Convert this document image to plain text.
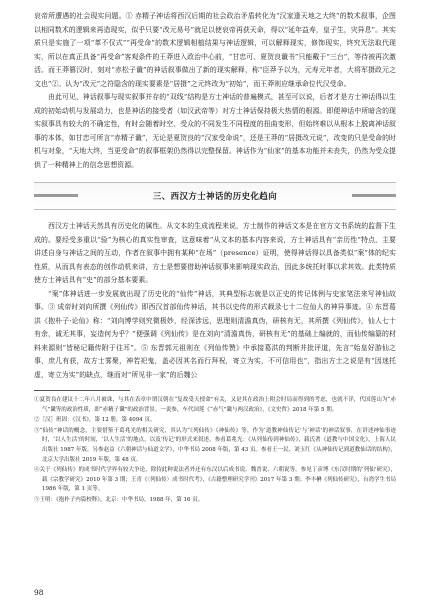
哀帝所遭遇的社会现实问题。① 赤精子神话将西汉后期的社会政治矛盾转化为“汉家逢天地之大终”的数术叙事，企图以相同数术的逻辑来再造现实，似乎只要“改元易号”就足以使哀帝再获天命，得以“延年益寿，皇子生，灾异息”。其实质只是实施了一项“革不仅式”“再受命”的数术逻辑相植结果与神话逻辑，可以解释现实，修饰现实，终究无法取代现实，所以在真正具备“再受命”客观条件的王莽进入政治中心前，“甘忠可、夏贺良谶书”只能戴于“三台”，等待被再次激活。而王莽篡汉时，刻对“赤松子谶”的神话叙事做出了新的现实解释，称“臣莽予以为，元寿元年者，大将军摄政元之文也”②。认为“改元”之符隐含的现实要素是“居摄”之元终改为“初始”，而王莽则应继承命位代汉受命。

由此可见，神话叙事与现实叙事并存的“双线”结构是方士神话的普遍模式，甚至可以说，后者才是方士神话得以生成的初始动机与发展动力，也是神话的接受者（如汉武帝等）对方士神话保持极大热情的根源。即便神话中所暗含的现实叙事具有较大的不确定性，有时会随着时空、受众的不同发生不同程度的扭曲变形，但始终难以从根本上脱离神话叙事的本体，如甘忠可所言“赤精子谶”，无论是夏贺良的“汉家受命说”，还是王莽的“居摄改元说”，改变的只是受命的时机与对象，“天地大终，当更受命”的叙事框架仍然得以完整保留。神话作为“仙家”的基本功能并未丧失，仍然为受众提供了一种精神上的信念思想资源。

三、西汉方士神话的历史化趋向

西汉方士神话天然具有历史化的属性。从文本的生成流程来说，方士制作的神话文本是在官方文书系统的监督下生成的。要经受多重以“验”为核心的真实性审查，这意味着“从文本的基本内容来说，方士神话具有“亲历性”特点，主要讲述自身与神话之间的互动，作者在叙事中拥有某种“在场”（presence）证明，使得神话得以具备类似“案”体的纪实性质，从而具有表态的创作动机来讲，方士是想要借助神话叙事来影响现实政治，因此多统托时事以求其效。此类特质使方士神话具有“史”的部分基本要素。

“案”体神话进一步发展就出现了历史化的“仙传”神话，其典型标志就是以正史的传记体例与史家笔法来写神仙故事。③ 成帝时刘向所撰《列仙传》即西汉首部仙传神话，其书以史传的形式载录七十二位仙人的神异事迹。④ 东晋葛洪《抱朴子·论仙》称：“刘向博学则究微极妙，经深涉远，思理则清澹真伪，研核有无，其所撰《列仙传》，仙人七十有余，诚无其事，妄造何为乎？”便强调《列仙传》是在刘向“清澹真伪，研核有无”的基础上编就的，而仙传编纂的材料来源则“皆秘记籍传附于往耳”。⑤ 东晋郭元祖则在《列仙传赞》中承接葛洪的判断并批评道，先言“始皇好游仙之事，庶几有获，故方士雾聚，神若祀鬼，盖必因其名而行拜祝，寄立为实，不可信用也”，指出方士之说是有“因迷托虚，寄立为实”的缺点，继而对“所见非一家”的后魏公

①夏贺良在建议十二年八月被诛，与其在表章中谓汉朝在“复故受天授命”有关，又是其在政治上附会时局而得到的考虑，也就不详，代国莲山为“赤气”谶等的政治性质，即“赤精子谶”的政治背景。一说参，车代国莲《“赤气”谶与两汉政治》，《文史哲》2018 年第 5 期。

②［汉］班固：《汉书》，第 12 册，第 4094 页。

③“仙传”神话的概念，主要借鉴于葛兆光的相关研究，其认为“《列仙传》《神仙传》等，作为‘道教神仙传记’与‘神话’的神话叙事，在讲述神仙事迹时，‘以人生活’的时间，‘以人生活’的地点，以及‘传记’的形式来叙述。参看葛兆光：《从列仙传到神仙传》，载氏著《道教与中国文化》，上海人民出版社 1987 年版。另参赵益《六朝神话与仙道文学》，中华书局 2008 年版，第 43 页。参看王一民、刘玉红《从神仙传记到道教仙话的结构》，北京大学出版社 2019 年版，第 48 页。

④关于《列仙传》的成书时代学界有较大争论，除持此种说法者外还有东汉以后成书说、魏晋说、六朝说等，参见丁彦博《东汉时期的‘列仙’研究》，载《宗教学研究》2010 年第 3 期；王青《〈列仙传〉成书时代考》，《古籍整理研究学刊》2017 年第 3 期；李丰楙《列仙传研究》，台湾学生书局 1986 年版，第 1 页等。

⑤王明：《抱朴子内篇校释》，北京：中华书局，1988 年，第 16 页。

98
